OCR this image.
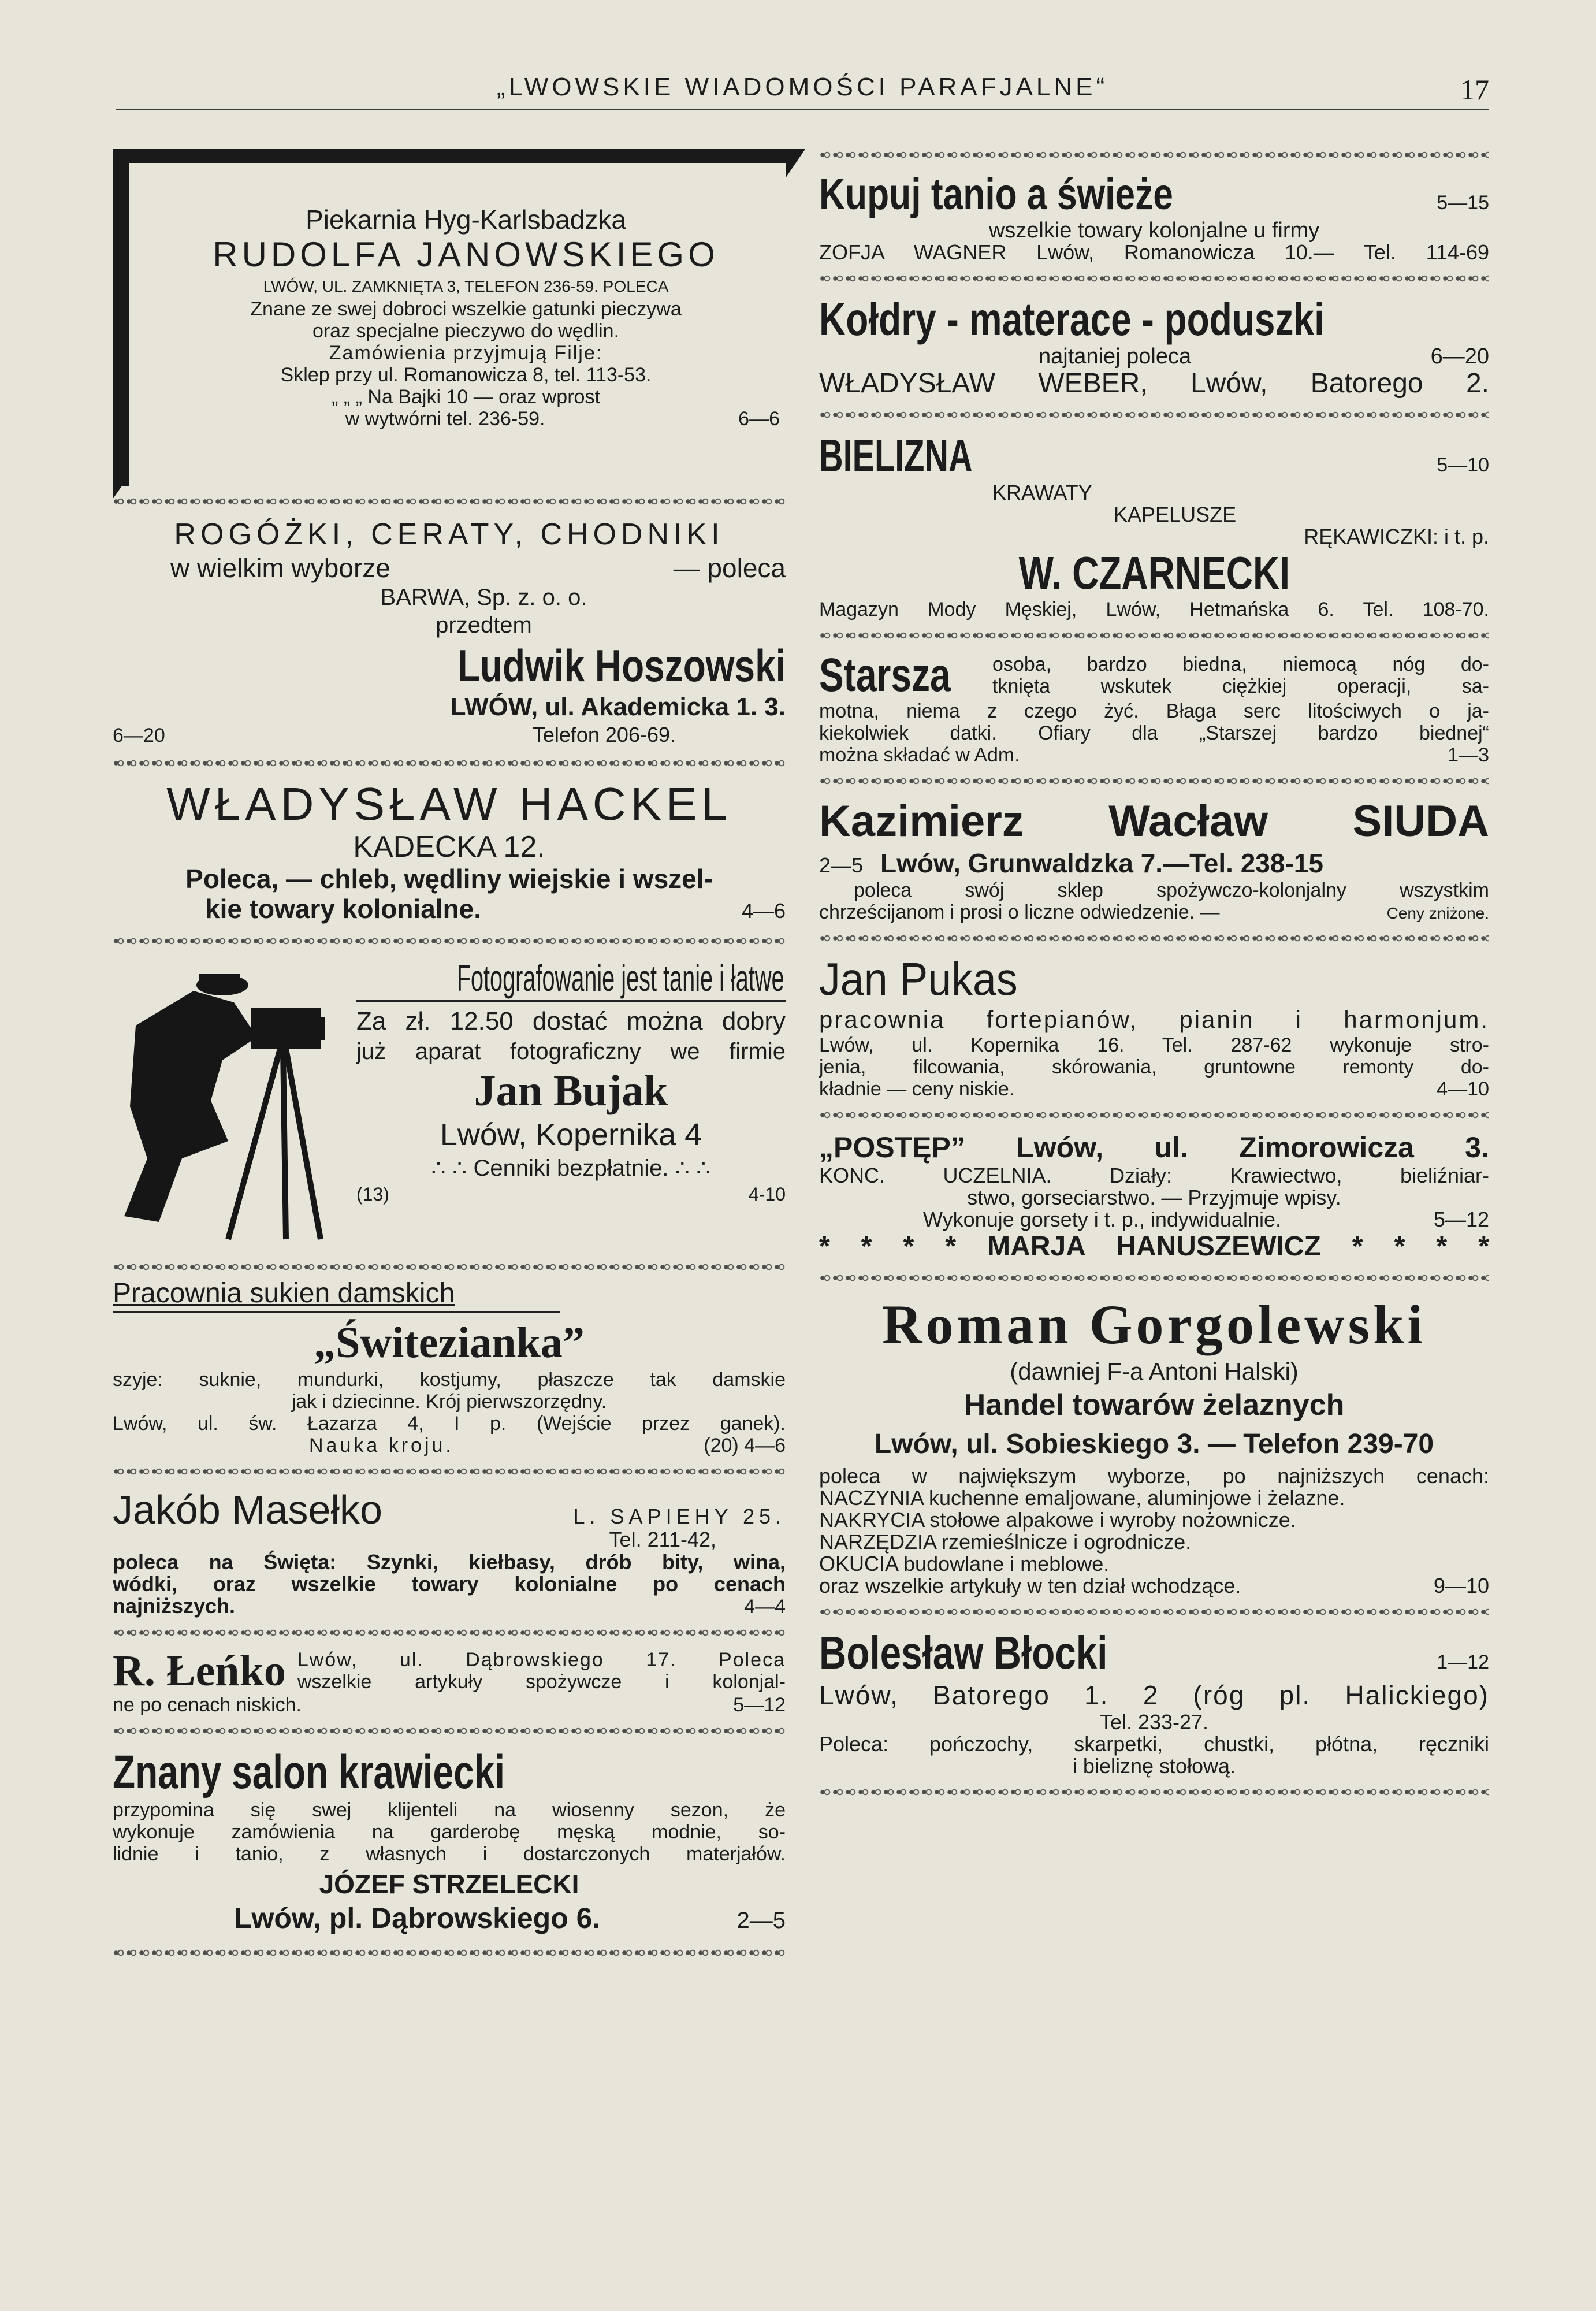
„LWOWSKIE WIADOMOŚCI PARAFJALNE“	17

Piekarnia Hyg-Karlsbadzka

RUDOLFA JANOWSKIEGO

LWÓW, UL. ZAMKNIĘTA 3, TELEFON 236-59. POLECA

Znane ze swej dobroci wszelkie gatunki pieczywa

oraz specjalne pieczywo do wędlin.

Zamówienia przyjmują Filje:

Sklep przy ul. Romanowicza 8, tel. 113-53.

„ „ „ Na Bajki 10 — oraz wprost

w wytwórni tel. 236-59.	6—6

ROGÓŻKI, CERATY, CHODNIKI

w wielkim wyborze	— poleca

BARWA, Sp. z. o. o.

przedtem

Ludwik Hoszowski

LWÓW, ul. Akademicka 1. 3.

6—20	Telefon 206-69.

WŁADYSŁAW HACKEL

KADECKA 12.

Poleca, — chleb, wędliny wiejskie i wszel-

kie towary kolonialne.	4—6

Fotografowanie jest tanie i łatwe

Za zł. 12.50 dostać można dobry

już aparat fotograficzny we firmie

Jan Bujak

Lwów, Kopernika 4

∴ ∴ Cenniki bezpłatnie. ∴ ∴

(13)	4-10

Pracownia sukien damskich

„Świtezianka”

szyje: suknie, mundurki, kostjumy, płaszcze tak damskie

jak i dziecinne. Krój pierwszorzędny.

Lwów, ul. św. Łazarza 4, I p. (Wejście przez ganek).

Nauka kroju.	(20) 4—6

Jakób Masełko	L. SAPIEHY 25.
Tel. 211-42,

poleca na Święta: Szynki, kiełbasy, drób bity, wina,

wódki, oraz wszelkie towary kolonialne po cenach

najniższych.	4—4

R. Łeńko Lwów, ul. Dąbrowskiego 17. Poleca
wszelkie artykuły spożywcze i kolonjal-

ne po cenach niskich.	5—12

Znany salon krawiecki

przypomina się swej klijenteli na wiosenny sezon, że

wykonuje zamówienia na garderobę męską modnie, so-

lidnie i tanio, z własnych i dostarczonych materjałów.

JÓZEF STRZELECKI

Lwów, pl. Dąbrowskiego 6.	2—5

Kupuj tanio a świeże	5—15

wszelkie towary kolonjalne u firmy

ZOFJA WAGNER Lwów, Romanowicza 10.— Tel. 114-69

Kołdry - materace - poduszki

najtaniej poleca	6—20

WŁADYSŁAW WEBER, Lwów, Batorego 2.

BIELIZNA	5—10

KRAWATY

KAPELUSZE

RĘKAWICZKI: i t. p.

W. CZARNECKI

Magazyn Mody Męskiej, Lwów, Hetmańska 6. Tel. 108-70.

Starsza osoba, bardzo biedna, niemocą nóg do-
tknięta wskutek ciężkiej operacji, sa-

motna, niema z czego żyć. Błaga serc litościwych o ja-

kiekolwiek datki. Ofiary dla „Starszej bardzo biednej“

można składać w Adm.	1—3

Kazimierz Wacław SIUDA

2—5 Lwów, Grunwaldzka 7.—Tel. 238-15

poleca swój sklep spożywczo-kolonjalny wszystkim

chrześcijanom i prosi o liczne odwiedzenie. —	Ceny zniżone.

Jan Pukas

pracownia fortepianów, pianin i harmonjum.

Lwów, ul. Kopernika 16. Tel. 287-62 wykonuje stro-

jenia, filcowania, skórowania, gruntowne remonty do-

kładnie — ceny niskie.	4—10

„POSTĘP” Lwów, ul. Zimorowicza 3.

KONC. UCZELNIA. Działy: Krawiectwo, bieliźniar-

stwo, gorseciarstwo. — Przyjmuje wpisy.

Wykonuje gorsety i t. p., indywidualnie.	5—12

* * * * MARJA HANUSZEWICZ * * * *

Roman Gorgolewski

(dawniej F-a Antoni Halski)

Handel towarów żelaznych

Lwów, ul. Sobieskiego 3. — Telefon 239-70

poleca w największym wyborze, po najniższych cenach:

NACZYNIA kuchenne emaljowane, aluminjowe i żelazne.

NAKRYCIA stołowe alpakowe i wyroby nożownicze.

NARZĘDZIA rzemieślnicze i ogrodnicze.

OKUCIA budowlane i meblowe.

oraz wszelkie artykuły w ten dział wchodzące.	9—10

Bolesław Błocki	1—12

Lwów, Batorego 1. 2 (róg pl. Halickiego)

Tel. 233-27.

Poleca: pończochy, skarpetki, chustki, płótna, ręczniki

i bieliznę stołową.
